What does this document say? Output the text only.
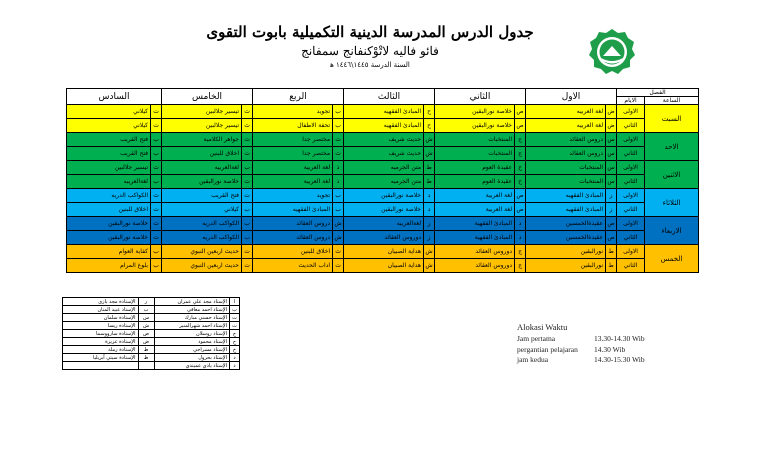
جدول الدرس المدرسة الدينية التكميلية بابوت التقوى
فائو فاليه لاتْوْكنفانج سمفانج
السنة الدرسة ١٤٤٥\١٤٤٦ ﻫ
الفصل		الاول		الثاني		الثالث		الربع		الخامس		السادس	
الساعة	الايام												
السبت	الاولى	ض	لغة العربيه	ص	خلاصة نورالبقين	ح	المبادئ الفقهيه	ب	تجويد	ث	تيسير جلالبين	ت	كيلاني
	الثاني	ض	لغة العربيه	ص	خلاصة نورالبقين	ح	المبادئ الفقهيه	ب	تحفة الاطفال	ث	تيسير جلالبين	ت	كيلاني
الاحد	الاولى	س	دروس العقائد	ج	المنتخبات	ش	حديث شريف	ث	مختصر جدا	ث	جواهر الكلامية	ب	فتح القريب
	الثاني	س	دروس العقائد	ج	المنتخبات	ش	حديث شريف	ث	مختصر جدا	ت	اخلاق للبنين	ب	فتح القريب
الاثنين	الاولى	س	المنتخبات	خ	عقيدة العوم	ط	متن الجرميه	ذ	لغة العربية	ب	لغةالعربيه	ث	تيسير جلالبين
	الثاني	س	المنتخبات	خ	عقيدة العوم	ط	متن الجرميه	ذ	لغة العربية	ث	خلاصة نورالبقين	ب	لغةالعربيه
الثلاثاء	الاولى	ز	المبادئ الفقهيه	ص	لغة العربية	د	خلاصة نورالبقين	ب	تجويد	ت	فتح القريب	ث	الكواكب الدريه
	الثاني	ز	المبادئ الفقهيه	ص	لغة العربية	د	خلاصة نورالبقين	ب	المبادئ الفقهيه	ب	كيلاني	ت	اخلاق للبنين
الاربعاء	الاولى	ص	عقيدةالخمسين	د	المبادئ الفقهية	ز	لغةالعربيه	ش	دروس العقائد	ب	الكواكب الدريه	ث	خلاصة نورالبقين
	الثاني	ص	عقيدةالخمسين	د	المبادئ الفقهية	ز	دوروس العقائد	ش	دروس العقائد	ب	الكواكب الدريه	ث	خلاصة نورالبقين
الخمس	الاولى	ط	نورالبقين	ج	دوروس العقائد	ش	هداية الصبيان	ث	اخلاق للبنين	ت	حديث اربعين النبوي	ب	كفاية العوام
	الثاني	ط	نورالبقين	ج	دوروس العقائد	ش	هداية الصبيان	ت	اداب الحديث	ت	حديث اربعين النبوي	ب	بلوغ المرام
ا	الإستاذ مجد علي عمران	ز	الإستاذة مجد بازى
ب	الإستاذ احمد معافي	ب	الإستاذ عبيد المنان
ت	الإستاذ حسني مبارك	س	الإستاذة سلمان
ث	الإستاذ احمد شهرالمنير	ش	الإستاذة ريسا
ج	الإستاذ روسلان	ص	الإستاذة سارووسما
ح	الإستاذ محمود	ض	الإستاذة عزيزة
خ	الإستاذ مسراجي	ط	الإستاذة رملة
د	الإستاذ بحرول	ظ	الإستاذة سيتي آبريليا
ذ	الإستاذ يادي عميندي		
Alokasi Waktu
Jam pertama	13.30-14.30 Wib
pergantian pelajaran	14.30 Wib
jam kedua	14.30-15.30 Wib
